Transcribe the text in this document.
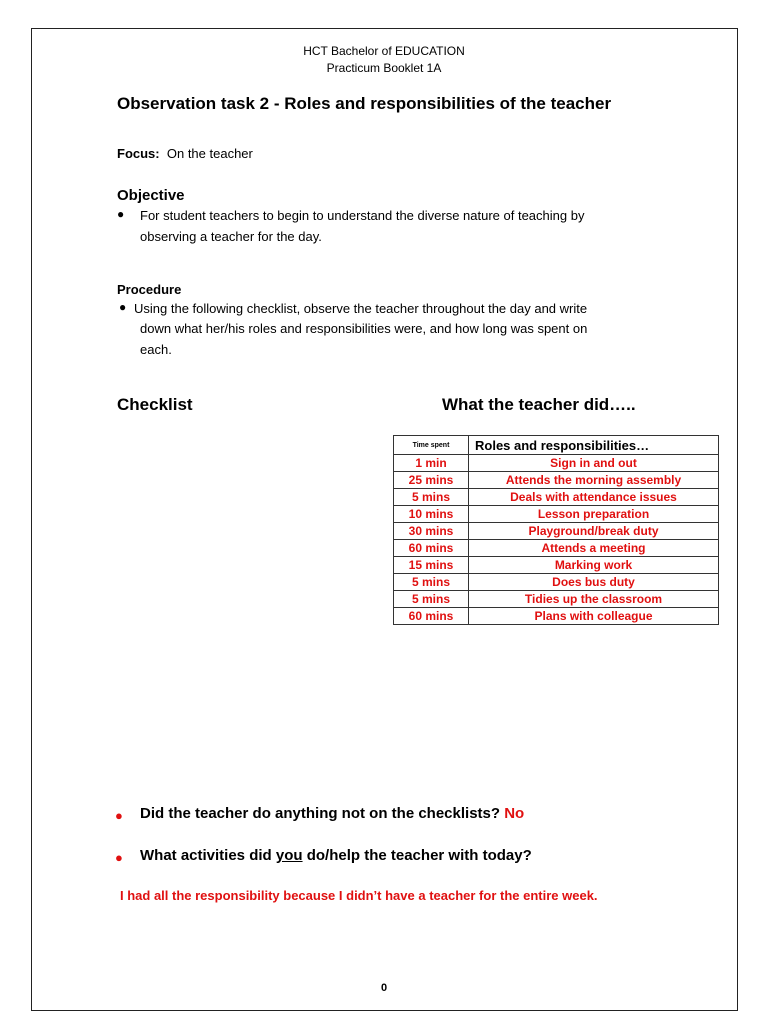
HCT Bachelor of EDUCATION
Practicum Booklet 1A
Observation task 2 - Roles and responsibilities of the teacher
Focus: On the teacher
Objective
● For student teachers to begin to understand the diverse nature of teaching by
observing a teacher for the day.
Procedure
● Using the following checklist, observe the teacher throughout the day and write
down what her/his roles and responsibilities were, and how long was spent on
each.
Checklist	What the teacher did…..
Time spent	Roles and responsibilities…
1 min	Sign in and out
25 mins	Attends the morning assembly
5 mins	Deals with attendance issues
10 mins	Lesson preparation
30 mins	Playground/break duty
60 mins	Attends a meeting
15 mins	Marking work
5 mins	Does bus duty
5 mins	Tidies up the classroom
60 mins	Plans with colleague
● Did the teacher do anything not on the checklists? No
● What activities did you do/help the teacher with today?
I had all the responsibility because I didn’t have a teacher for the entire week.
0
